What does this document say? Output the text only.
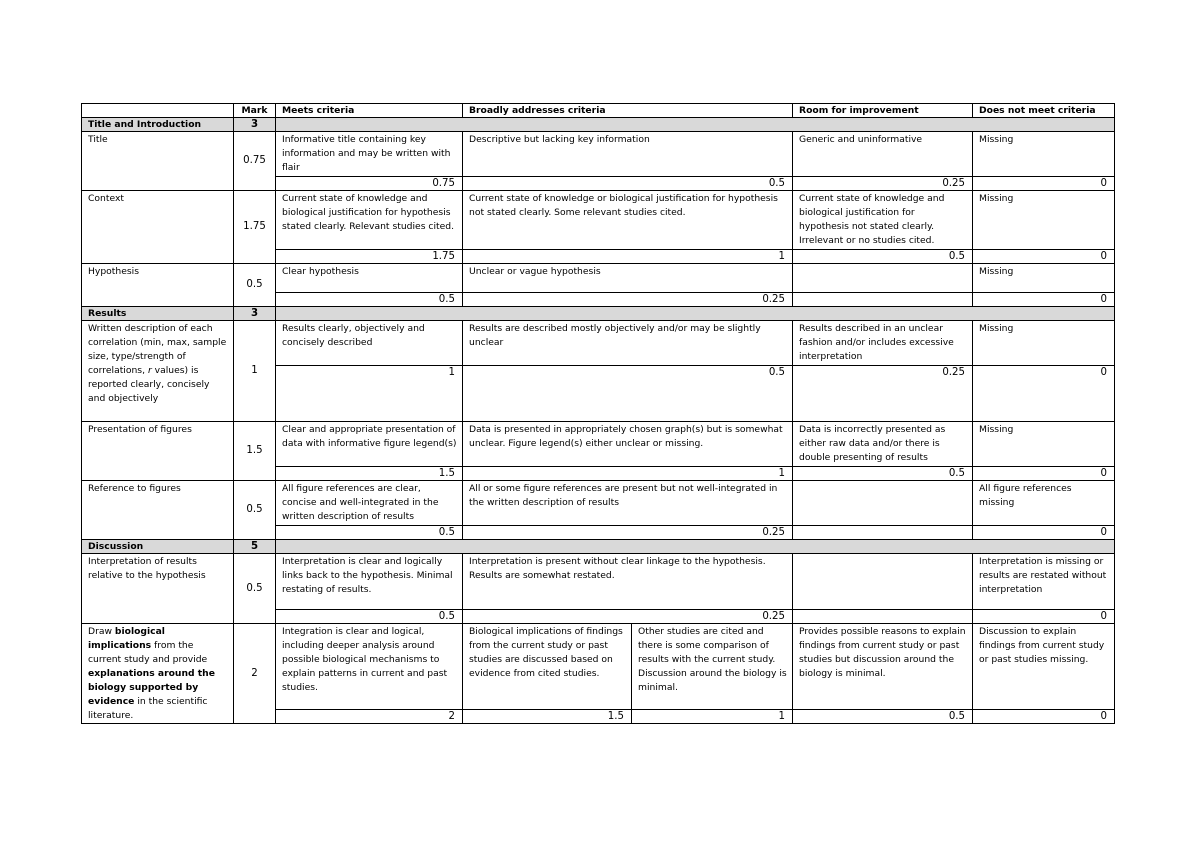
	Mark	Meets criteria	Broadly addresses criteria		Room for improvement	Does not meet criteria
Title and Introduction	3					
Title	0.75	Informative title containing key information and may be written with flair	Descriptive but lacking key information		Generic and uninformative	Missing
		0.75	0.5		0.25	0
Context	1.75	Current state of knowledge and biological justification for hypothesis stated clearly. Relevant studies cited.	Current state of knowledge or biological justification for hypothesis not stated clearly. Some relevant studies cited.		Current state of knowledge and biological justification for hypothesis not stated clearly. Irrelevant or no studies cited.	Missing
		1.75	1		0.5	0
Hypothesis	0.5	Clear hypothesis	Unclear or vague hypothesis			Missing
		0.5	0.25			0
Results	3					
Written description of each correlation (min, max, sample size, type/strength of correlations, r values) is reported clearly, concisely and objectively	1	Results clearly, objectively and concisely described	Results are described mostly objectively and/or may be slightly unclear		Results described in an unclear fashion and/or includes excessive interpretation	Missing
		1	0.5		0.25	0
Presentation of figures	1.5	Clear and appropriate presentation of data with informative figure legend(s)	Data is presented in appropriately chosen graph(s) but is somewhat unclear. Figure legend(s) either unclear or missing.		Data is incorrectly presented as either raw data and/or there is double presenting of results	Missing
		1.5	1		0.5	0
Reference to figures	0.5	All figure references are clear, concise and well-integrated in the written description of results	All or some figure references are present but not well-integrated in the written description of results			All figure references missing
		0.5	0.25			0
Discussion	5					
Interpretation of results relative to the hypothesis	0.5	Interpretation is clear and logically links back to the hypothesis. Minimal restating of results.	Interpretation is present without clear linkage to the hypothesis. Results are somewhat restated.			Interpretation is missing or results are restated without interpretation
		0.5	0.25			0
Draw biological implications from the current study and provide explanations around the biology supported by evidence in the scientific literature.	2	Integration is clear and logical, including deeper analysis around possible biological mechanisms to explain patterns in current and past studies.	Biological implications of findings from the current study or past studies are discussed based on evidence from cited studies.	Other studies are cited and there is some comparison of results with the current study. Discussion around the biology is minimal.	Provides possible reasons to explain findings from current study or past studies but discussion around the biology is minimal.	Discussion to explain findings from current study or past studies missing.
		2	1.5	1	0.5	0
